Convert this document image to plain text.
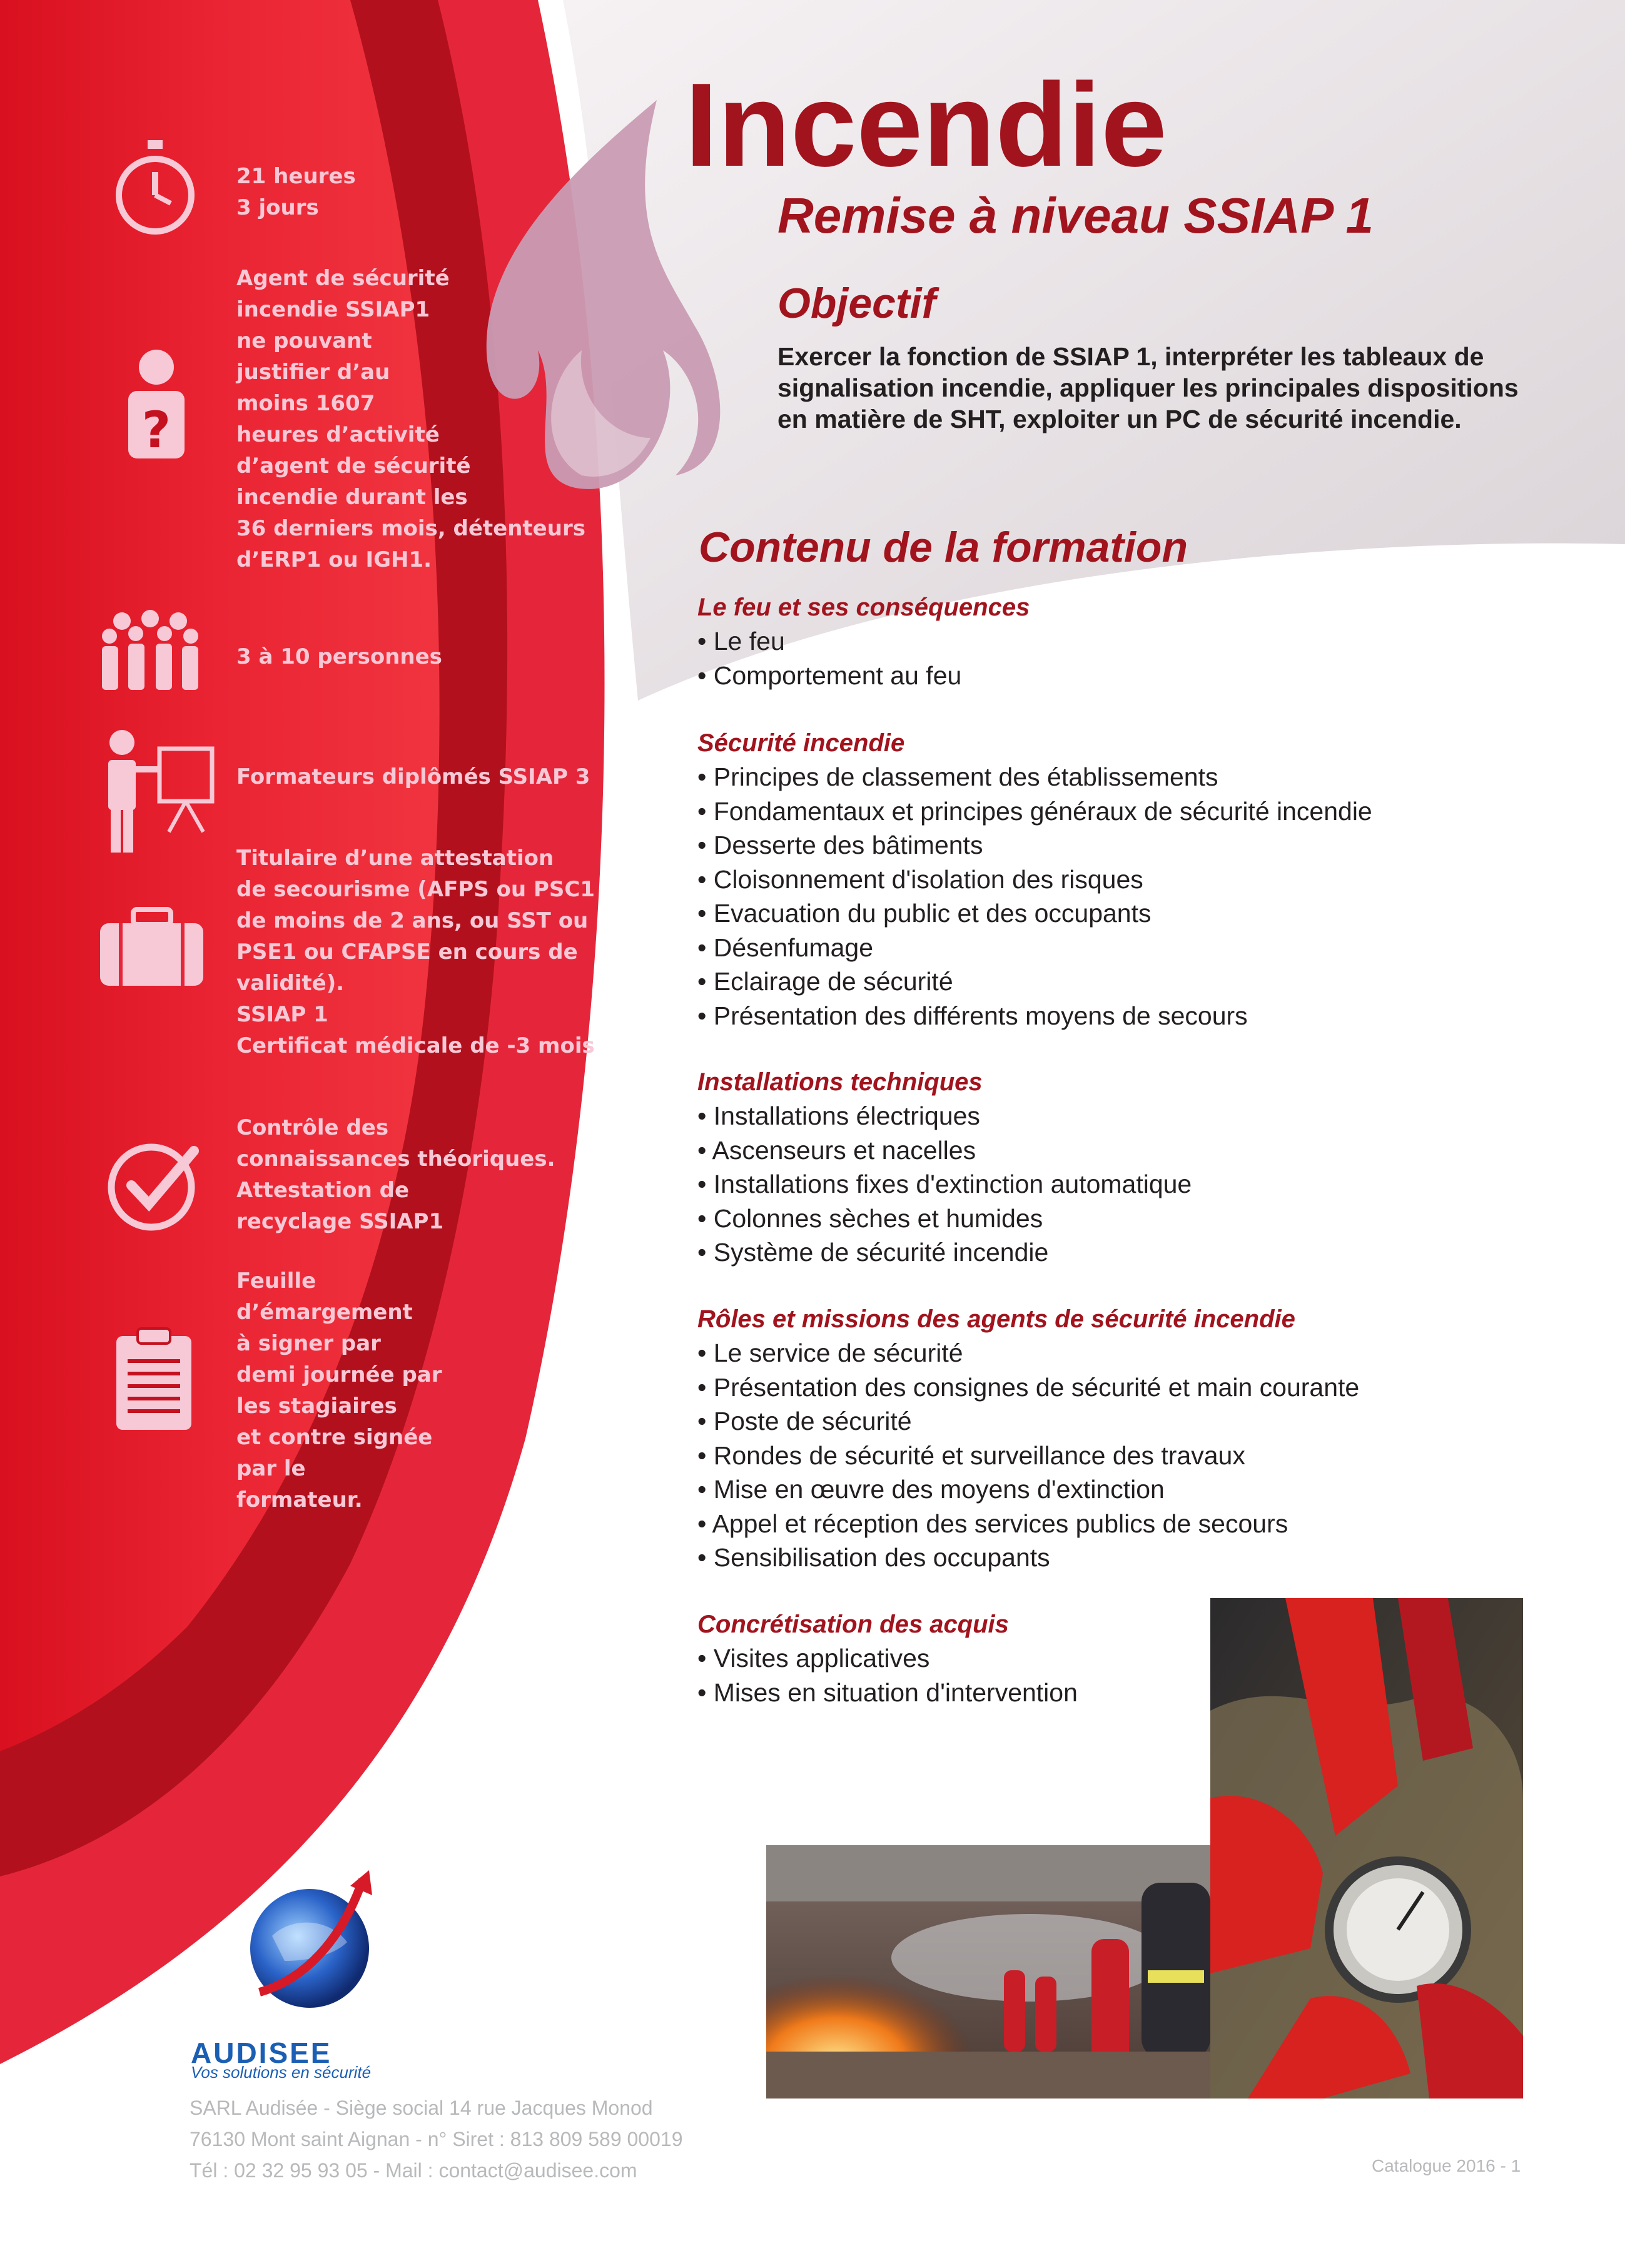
?
21 heures
3 jours
Agent de sécurité
incendie SSIAP1
ne pouvant
justifier d’au
moins 1607
heures d’activité
d’agent de sécurité
incendie durant les
36 derniers mois, détenteurs
d’ERP1 ou IGH1.
3 à 10 personnes
Formateurs diplômés SSIAP 3
Titulaire d’une attestation
de secourisme (AFPS ou PSC1
de moins de 2 ans, ou SST ou
PSE1 ou CFAPSE en cours de
validité).
SSIAP 1
Certificat médicale de -3 mois
Contrôle des
connaissances théoriques.
Attestation de
recyclage SSIAP1
Feuille
d’émargement
à signer par
demi journée par
les stagiaires
et contre signée
par le
formateur.
Incendie
Remise à niveau SSIAP 1
Objectif
Exercer la fonction de SSIAP 1, interpréter les tableaux de
signalisation incendie, appliquer les principales dispositions
en matière de SHT, exploiter un PC de sécurité incendie.
Contenu de la formation
Le feu et ses conséquences
• Le feu
• Comportement au feu
Sécurité incendie
• Principes de classement des établissements
• Fondamentaux et principes généraux de sécurité incendie
• Desserte des bâtiments
• Cloisonnement d'isolation des risques
• Evacuation du public et des occupants
• Désenfumage
• Eclairage de sécurité
• Présentation des différents moyens de secours
Installations techniques
• Installations électriques
• Ascenseurs et nacelles
• Installations fixes d'extinction automatique
• Colonnes sèches et humides
• Système de sécurité incendie
Rôles et missions des agents de sécurité incendie
• Le service de sécurité
• Présentation des consignes de sécurité et main courante
• Poste de sécurité
• Rondes de sécurité et surveillance des travaux
• Mise en œuvre des moyens d'extinction
• Appel et réception des services publics de secours
• Sensibilisation des occupants
Concrétisation des acquis
• Visites applicatives
• Mises en situation d'intervention
AUDISEE
Vos solutions en sécurité
SARL Audisée - Siège social 14 rue Jacques Monod
76130 Mont saint Aignan - n° Siret : 813 809 589 00019
Tél : 02 32 95 93 05 - Mail : contact@audisee.com	Catalogue 2016 - 1
